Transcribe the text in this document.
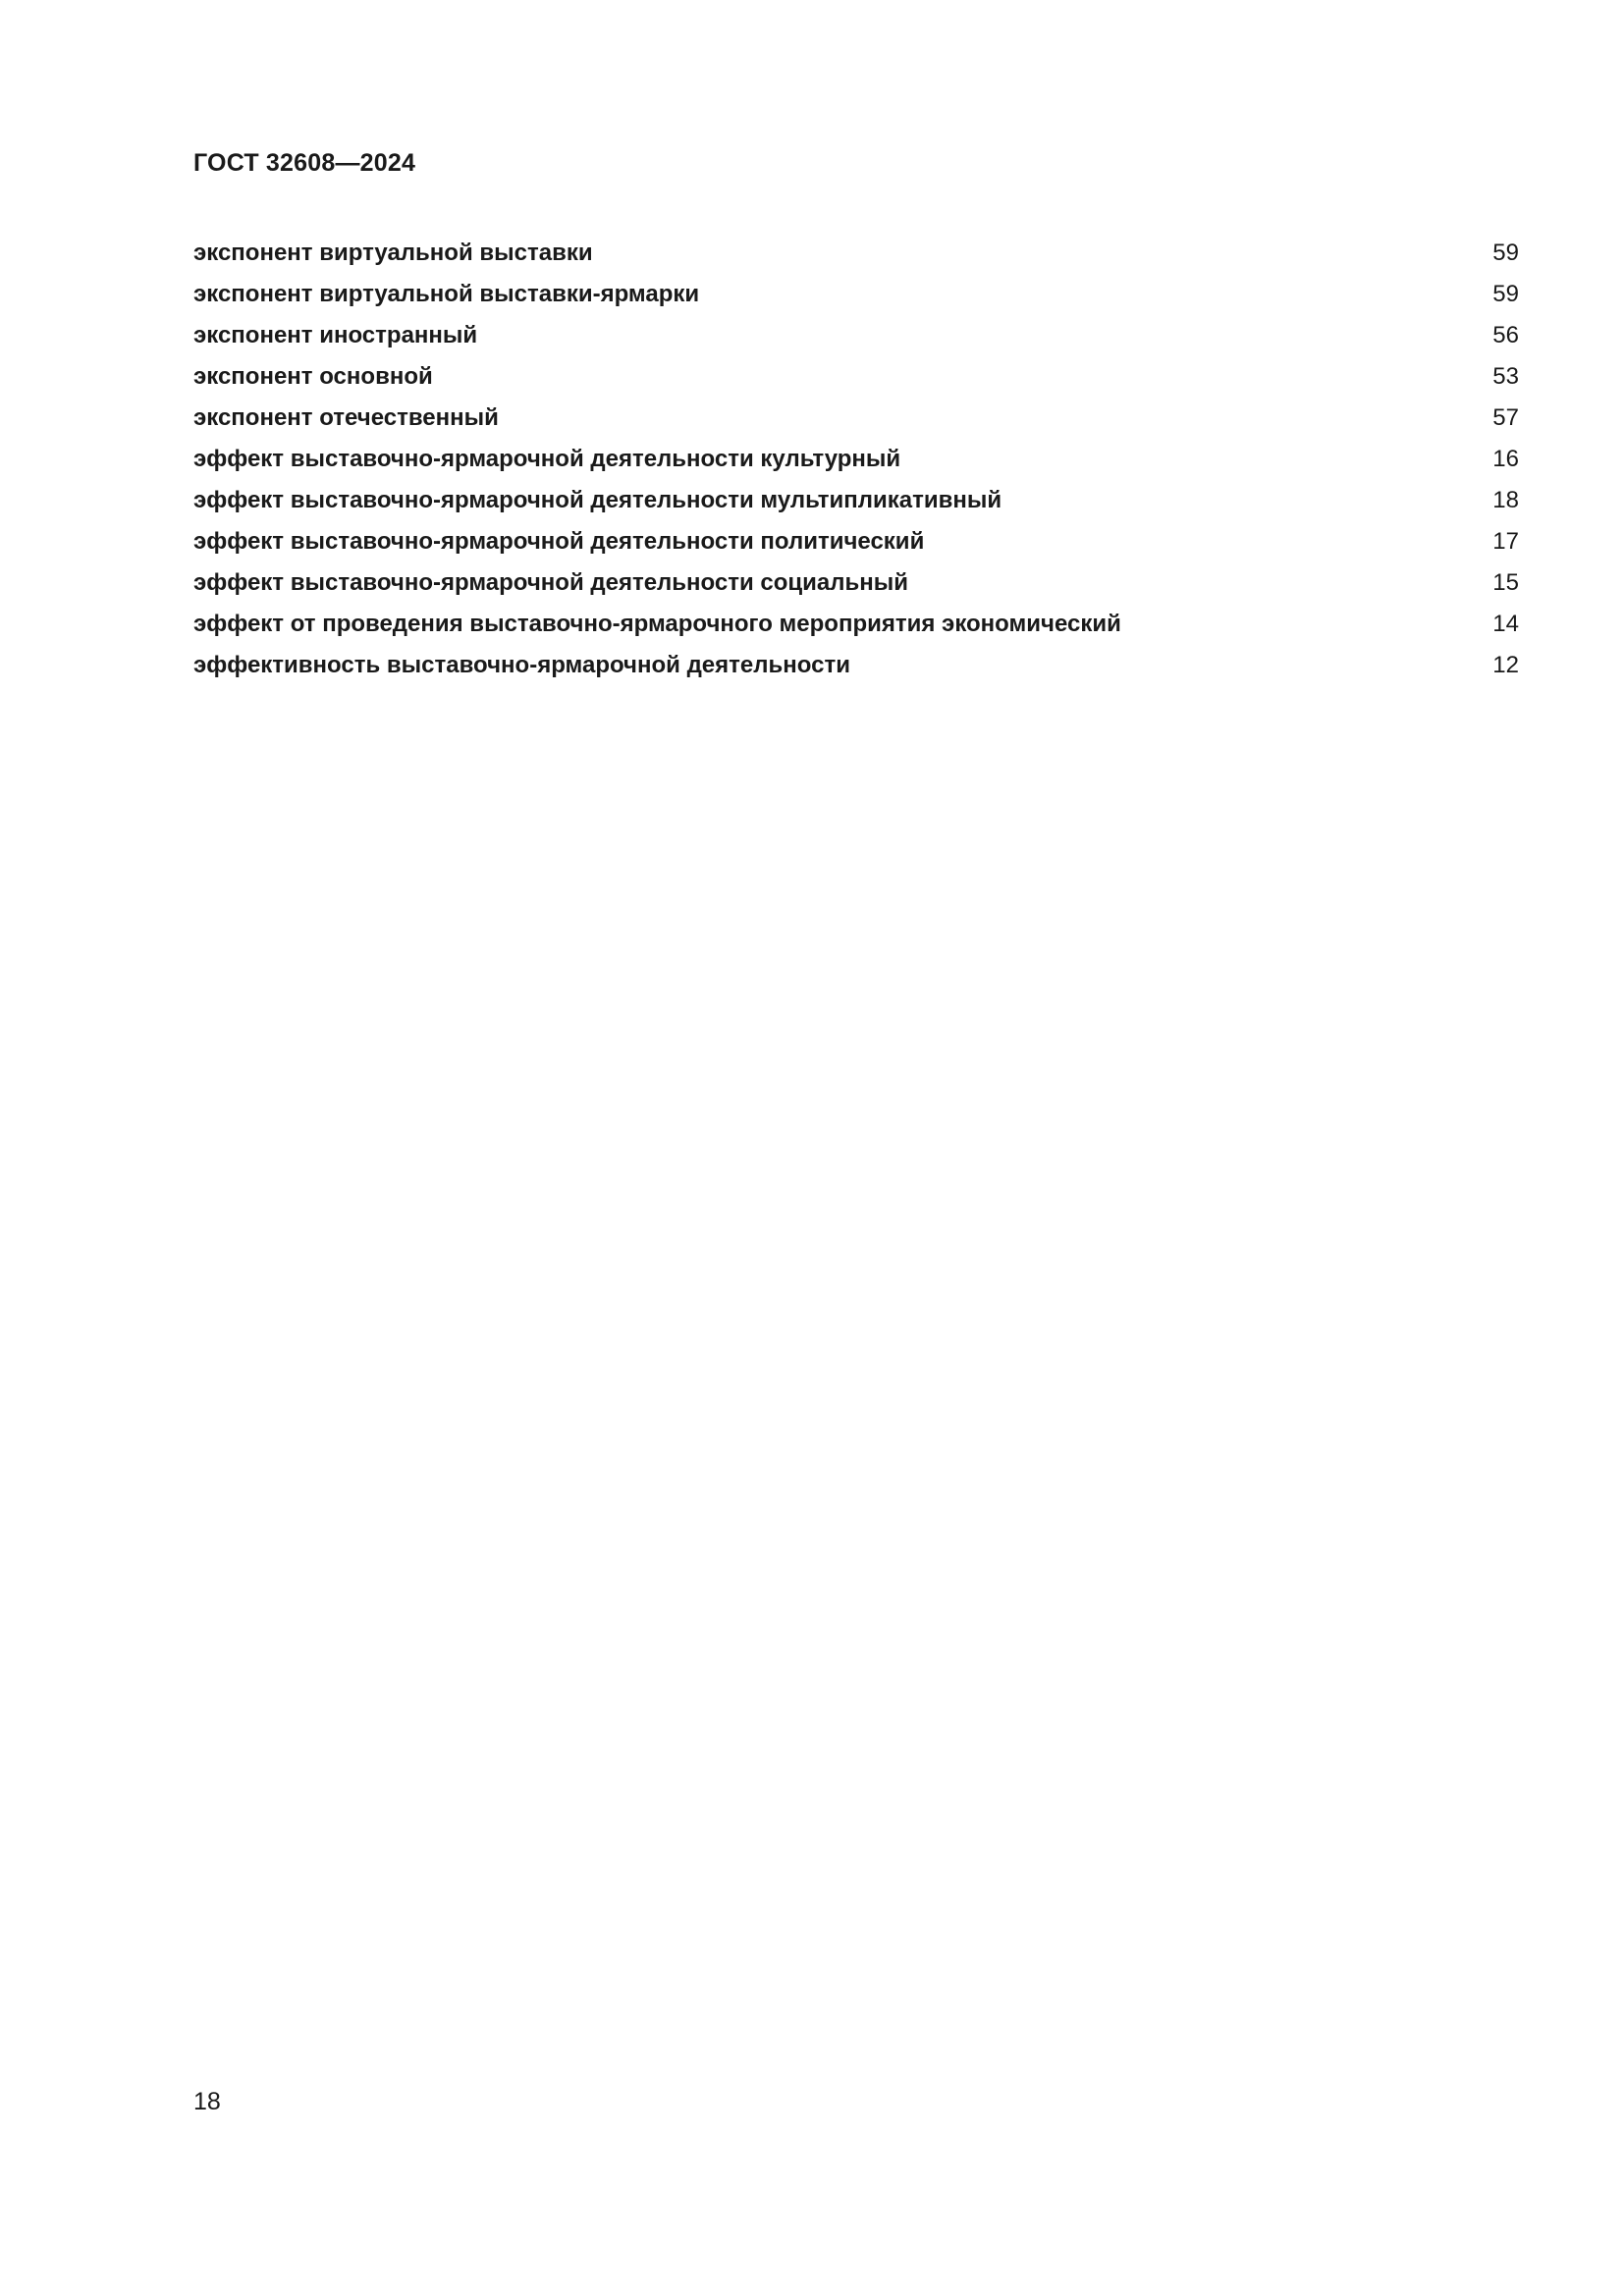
ГОСТ 32608—2024
экспонент виртуальной выставки	59
экспонент виртуальной выставки-ярмарки	59
экспонент иностранный	56
экспонент основной	53
экспонент отечественный	57
эффект выставочно-ярмарочной деятельности культурный	16
эффект выставочно-ярмарочной деятельности мультипликативный	18
эффект выставочно-ярмарочной деятельности политический	17
эффект выставочно-ярмарочной деятельности социальный	15
эффект от проведения выставочно-ярмарочного мероприятия экономический	14
эффективность выставочно-ярмарочной деятельности	12
18
